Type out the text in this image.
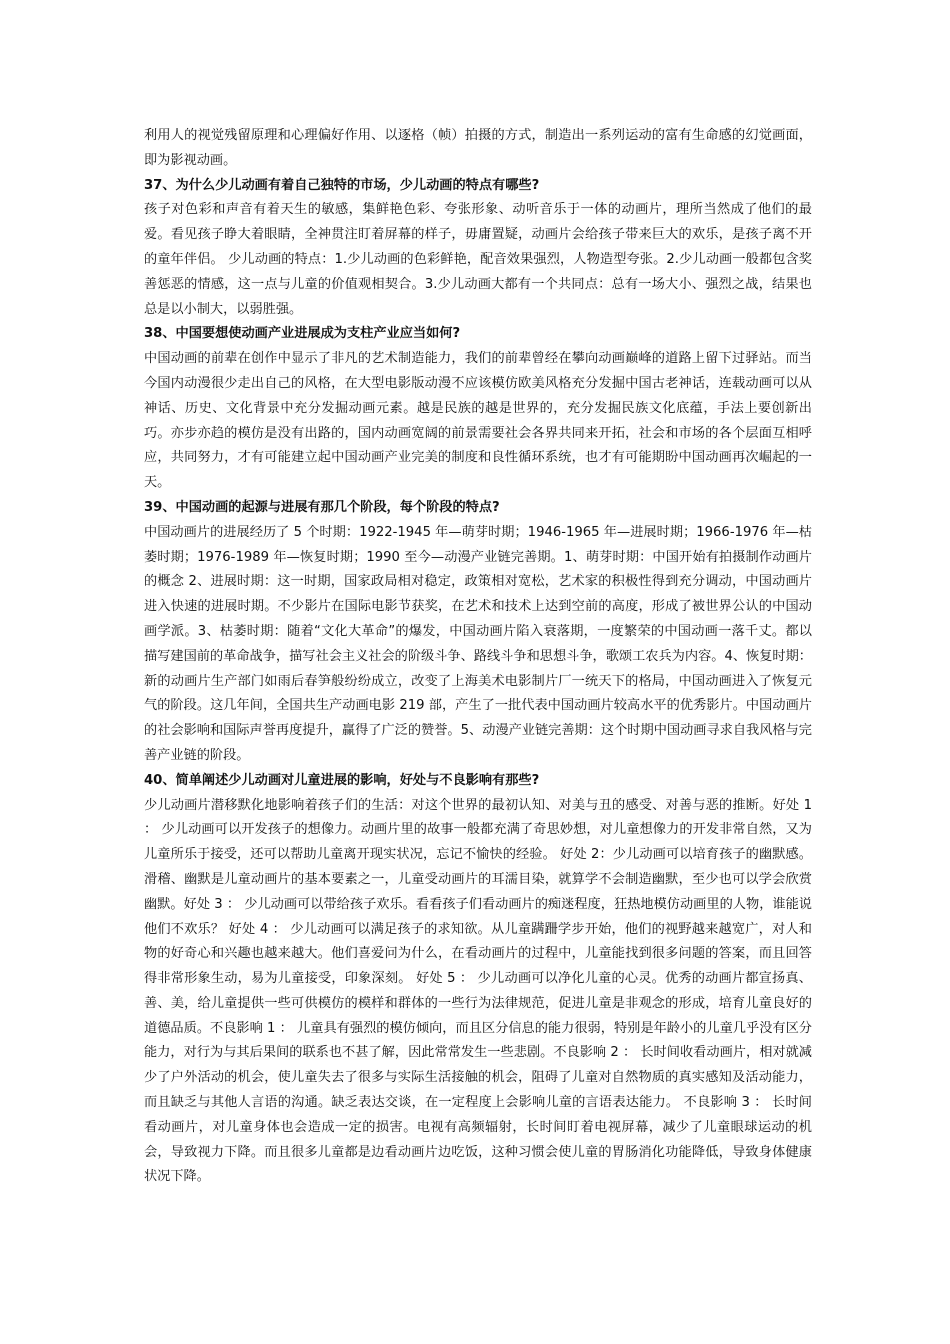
利用人的视觉残留原理和心理偏好作用、以逐格（帧）拍摄的方式，制造出一系列运动的富有生命感的幻觉画面，即为影视动画。

37、为什么少儿动画有着自己独特的市场，少儿动画的特点有哪些?

孩子对色彩和声音有着天生的敏感，集鲜艳色彩、夸张形象、动听音乐于一体的动画片，理所当然成了他们的最爱。看见孩子睁大着眼睛，全神贯注盯着屏幕的样子，毋庸置疑，动画片会给孩子带来巨大的欢乐，是孩子离不开的童年伴侣。 少儿动画的特点：1.少儿动画的色彩鲜艳，配音效果强烈，人物造型夸张。2.少儿动画一般都包含奖善惩恶的情感，这一点与儿童的价值观相契合。3.少儿动画大都有一个共同点：总有一场大小、强烈之战，结果也总是以小制大，以弱胜强。

38、中国要想使动画产业进展成为支柱产业应当如何?

中国动画的前辈在创作中显示了非凡的艺术制造能力，我们的前辈曾经在攀向动画巅峰的道路上留下过驿站。而当今国内动漫很少走出自己的风格，在大型电影版动漫不应该模仿欧美风格充分发掘中国古老神话，连载动画可以从神话、历史、文化背景中充分发掘动画元素。越是民族的越是世界的，充分发掘民族文化底蕴，手法上要创新出巧。亦步亦趋的模仿是没有出路的，国内动画宽阔的前景需要社会各界共同来开拓，社会和市场的各个层面互相呼应，共同努力，才有可能建立起中国动画产业完美的制度和良性循环系统，也才有可能期盼中国动画再次崛起的一天。

39、中国动画的起源与进展有那几个阶段，每个阶段的特点?

中国动画片的进展经历了 5 个时期：1922-1945 年—萌芽时期；1946-1965 年—进展时期；1966-1976 年—枯萎时期；1976-1989 年—恢复时期；1990 至今—动漫产业链完善期。1、萌芽时期：中国开始有拍摄制作动画片的概念 2、进展时期：这一时期，国家政局相对稳定，政策相对宽松，艺术家的积极性得到充分调动，中国动画片进入快速的进展时期。不少影片在国际电影节获奖，在艺术和技术上达到空前的高度，形成了被世界公认的中国动画学派。3、枯萎时期：随着“文化大革命”的爆发，中国动画片陷入衰落期，一度繁荣的中国动画一落千丈。都以描写建国前的革命战争，描写社会主义社会的阶级斗争、路线斗争和思想斗争，歌颂工农兵为内容。4、恢复时期：新的动画片生产部门如雨后春笋般纷纷成立，改变了上海美术电影制片厂一统天下的格局，中国动画进入了恢复元气的阶段。这几年间，全国共生产动画电影 219 部，产生了一批代表中国动画片较高水平的优秀影片。中国动画片的社会影响和国际声誉再度提升，赢得了广泛的赞誉。5、动漫产业链完善期：这个时期中国动画寻求自我风格与完善产业链的阶段。

40、简单阐述少儿动画对儿童进展的影响，好处与不良影响有那些?

少儿动画片潜移默化地影响着孩子们的生活：对这个世界的最初认知、对美与丑的感受、对善与恶的推断。好处 1 ： 少儿动画可以开发孩子的想像力。动画片里的故事一般都充满了奇思妙想，对儿童想像力的开发非常自然，又为儿童所乐于接受，还可以帮助儿童离开现实状况，忘记不愉快的经验。 好处 2：少儿动画可以培育孩子的幽默感。滑稽、幽默是儿童动画片的基本要素之一，儿童受动画片的耳濡目染，就算学不会制造幽默，至少也可以学会欣赏幽默。好处 3 ： 少儿动画可以带给孩子欢乐。看看孩子们看动画片的痴迷程度，狂热地模仿动画里的人物，谁能说他们不欢乐？ 好处 4 ： 少儿动画可以满足孩子的求知欲。从儿童蹒跚学步开始，他们的视野越来越宽广，对人和物的好奇心和兴趣也越来越大。他们喜爱问为什么，在看动画片的过程中，儿童能找到很多问题的答案，而且回答得非常形象生动，易为儿童接受，印象深刻。 好处 5 ： 少儿动画可以净化儿童的心灵。优秀的动画片都宣扬真、善、美，给儿童提供一些可供模仿的模样和群体的一些行为法律规范，促进儿童是非观念的形成，培育儿童良好的道德品质。不良影响 1 ： 儿童具有强烈的模仿倾向，而且区分信息的能力很弱，特别是年龄小的儿童几乎没有区分能力，对行为与其后果间的联系也不甚了解，因此常常发生一些悲剧。不良影响 2 ： 长时间收看动画片，相对就减少了户外活动的机会，使儿童失去了很多与实际生活接触的机会，阻碍了儿童对自然物质的真实感知及活动能力，而且缺乏与其他人言语的沟通。缺乏表达交谈，在一定程度上会影响儿童的言语表达能力。 不良影响 3 ： 长时间看动画片，对儿童身体也会造成一定的损害。电视有高频辐射，长时间盯着电视屏幕，减少了儿童眼球运动的机会，导致视力下降。而且很多儿童都是边看动画片边吃饭，这种习惯会使儿童的胃肠消化功能降低，导致身体健康状况下降。
